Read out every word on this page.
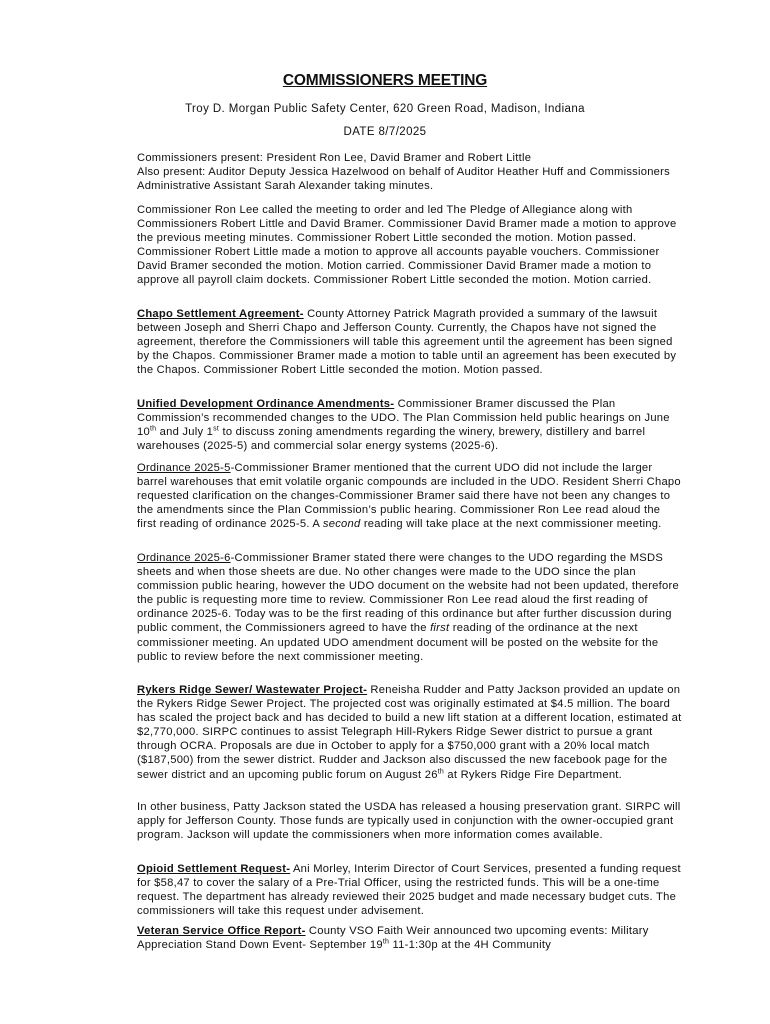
COMMISSIONERS MEETING
Troy D. Morgan Public Safety Center, 620 Green Road, Madison, Indiana
DATE 8/7/2025

Commissioners present: President Ron Lee, David Bramer and Robert Little

Also present: Auditor Deputy Jessica Hazelwood on behalf of Auditor Heather Huff and Commissioners Administrative Assistant Sarah Alexander taking minutes.

Commissioner Ron Lee called the meeting to order and led The Pledge of Allegiance along with Commissioners Robert Little and David Bramer. Commissioner David Bramer made a motion to approve the previous meeting minutes. Commissioner Robert Little seconded the motion. Motion passed. Commissioner Robert Little made a motion to approve all accounts payable vouchers. Commissioner David Bramer seconded the motion. Motion carried. Commissioner David Bramer made a motion to approve all payroll claim dockets. Commissioner Robert Little seconded the motion. Motion carried.

Chapo Settlement Agreement- County Attorney Patrick Magrath provided a summary of the lawsuit between Joseph and Sherri Chapo and Jefferson County. Currently, the Chapos have not signed the agreement, therefore the Commissioners will table this agreement until the agreement has been signed by the Chapos. Commissioner Bramer made a motion to table until an agreement has been executed by the Chapos. Commissioner Robert Little seconded the motion. Motion passed.

Unified Development Ordinance Amendments- Commissioner Bramer discussed the Plan Commission’s recommended changes to the UDO. The Plan Commission held public hearings on June 10th and July 1st to discuss zoning amendments regarding the winery, brewery, distillery and barrel warehouses (2025-5) and commercial solar energy systems (2025-6).

Ordinance 2025-5-Commissioner Bramer mentioned that the current UDO did not include the larger barrel warehouses that emit volatile organic compounds are included in the UDO. Resident Sherri Chapo requested clarification on the changes-Commissioner Bramer said there have not been any changes to the amendments since the Plan Commission’s public hearing. Commissioner Ron Lee read aloud the first reading of ordinance 2025-5. A second reading will take place at the next commissioner meeting.

Ordinance 2025-6-Commissioner Bramer stated there were changes to the UDO regarding the MSDS sheets and when those sheets are due. No other changes were made to the UDO since the plan commission public hearing, however the UDO document on the website had not been updated, therefore the public is requesting more time to review. Commissioner Ron Lee read aloud the first reading of ordinance 2025-6. Today was to be the first reading of this ordinance but after further discussion during public comment, the Commissioners agreed to have the first reading of the ordinance at the next commissioner meeting. An updated UDO amendment document will be posted on the website for the public to review before the next commissioner meeting.

Rykers Ridge Sewer/ Wastewater Project- Reneisha Rudder and Patty Jackson provided an update on the Rykers Ridge Sewer Project. The projected cost was originally estimated at $4.5 million. The board has scaled the project back and has decided to build a new lift station at a different location, estimated at $2,770,000. SIRPC continues to assist Telegraph Hill-Rykers Ridge Sewer district to pursue a grant through OCRA. Proposals are due in October to apply for a $750,000 grant with a 20% local match ($187,500) from the sewer district. Rudder and Jackson also discussed the new facebook page for the sewer district and an upcoming public forum on August 26th at Rykers Ridge Fire Department.

In other business, Patty Jackson stated the USDA has released a housing preservation grant. SIRPC will apply for Jefferson County. Those funds are typically used in conjunction with the owner-occupied grant program. Jackson will update the commissioners when more information comes available.

Opioid Settlement Request- Ani Morley, Interim Director of Court Services, presented a funding request for $58,47 to cover the salary of a Pre-Trial Officer, using the restricted funds. This will be a one-time request. The department has already reviewed their 2025 budget and made necessary budget cuts. The commissioners will take this request under advisement.

Veteran Service Office Report- County VSO Faith Weir announced two upcoming events: Military Appreciation Stand Down Event- September 19th 11-1:30p at the 4H Community
